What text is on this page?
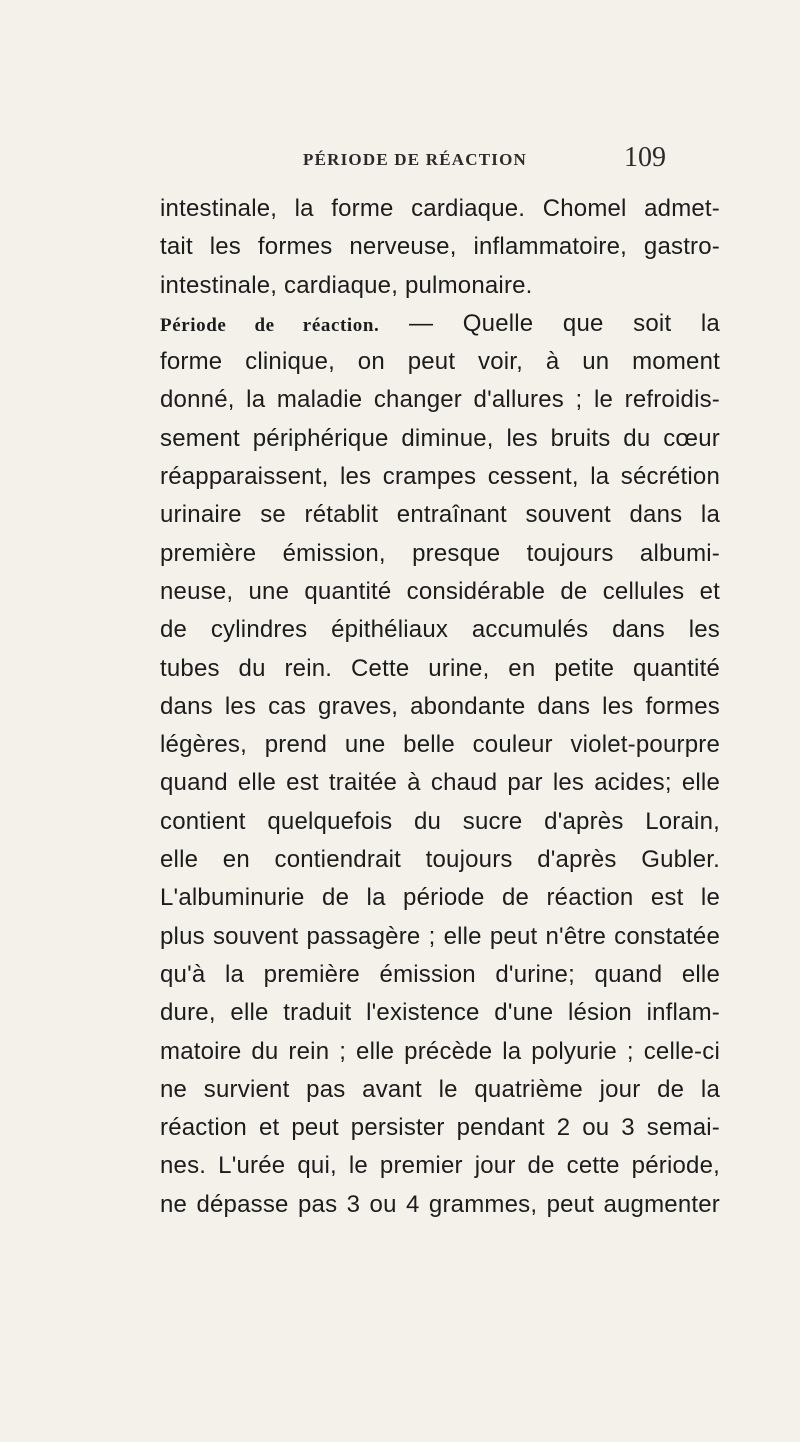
PÉRIODE DE RÉACTION	109
intestinale, la forme cardiaque. Chomel admet-
tait les formes nerveuse, inflammatoire, gastro-
intestinale, cardiaque, pulmonaire.
Période de réaction. — Quelle que soit la
forme clinique, on peut voir, à un moment
donné, la maladie changer d'allures ; le refroidis-
sement périphérique diminue, les bruits du cœur
réapparaissent, les crampes cessent, la sécrétion
urinaire se rétablit entraînant souvent dans la
première émission, presque toujours albumi-
neuse, une quantité considérable de cellules et
de cylindres épithéliaux accumulés dans les
tubes du rein. Cette urine, en petite quantité
dans les cas graves, abondante dans les formes
légères, prend une belle couleur violet-pourpre
quand elle est traitée à chaud par les acides; elle
contient quelquefois du sucre d'après Lorain,
elle en contiendrait toujours d'après Gubler.
L'albuminurie de la période de réaction est le
plus souvent passagère ; elle peut n'être constatée
qu'à la première émission d'urine; quand elle
dure, elle traduit l'existence d'une lésion inflam-
matoire du rein ; elle précède la polyurie ; celle-ci
ne survient pas avant le quatrième jour de la
réaction et peut persister pendant 2 ou 3 semai-
nes. L'urée qui, le premier jour de cette période,
ne dépasse pas 3 ou 4 grammes, peut augmenter
